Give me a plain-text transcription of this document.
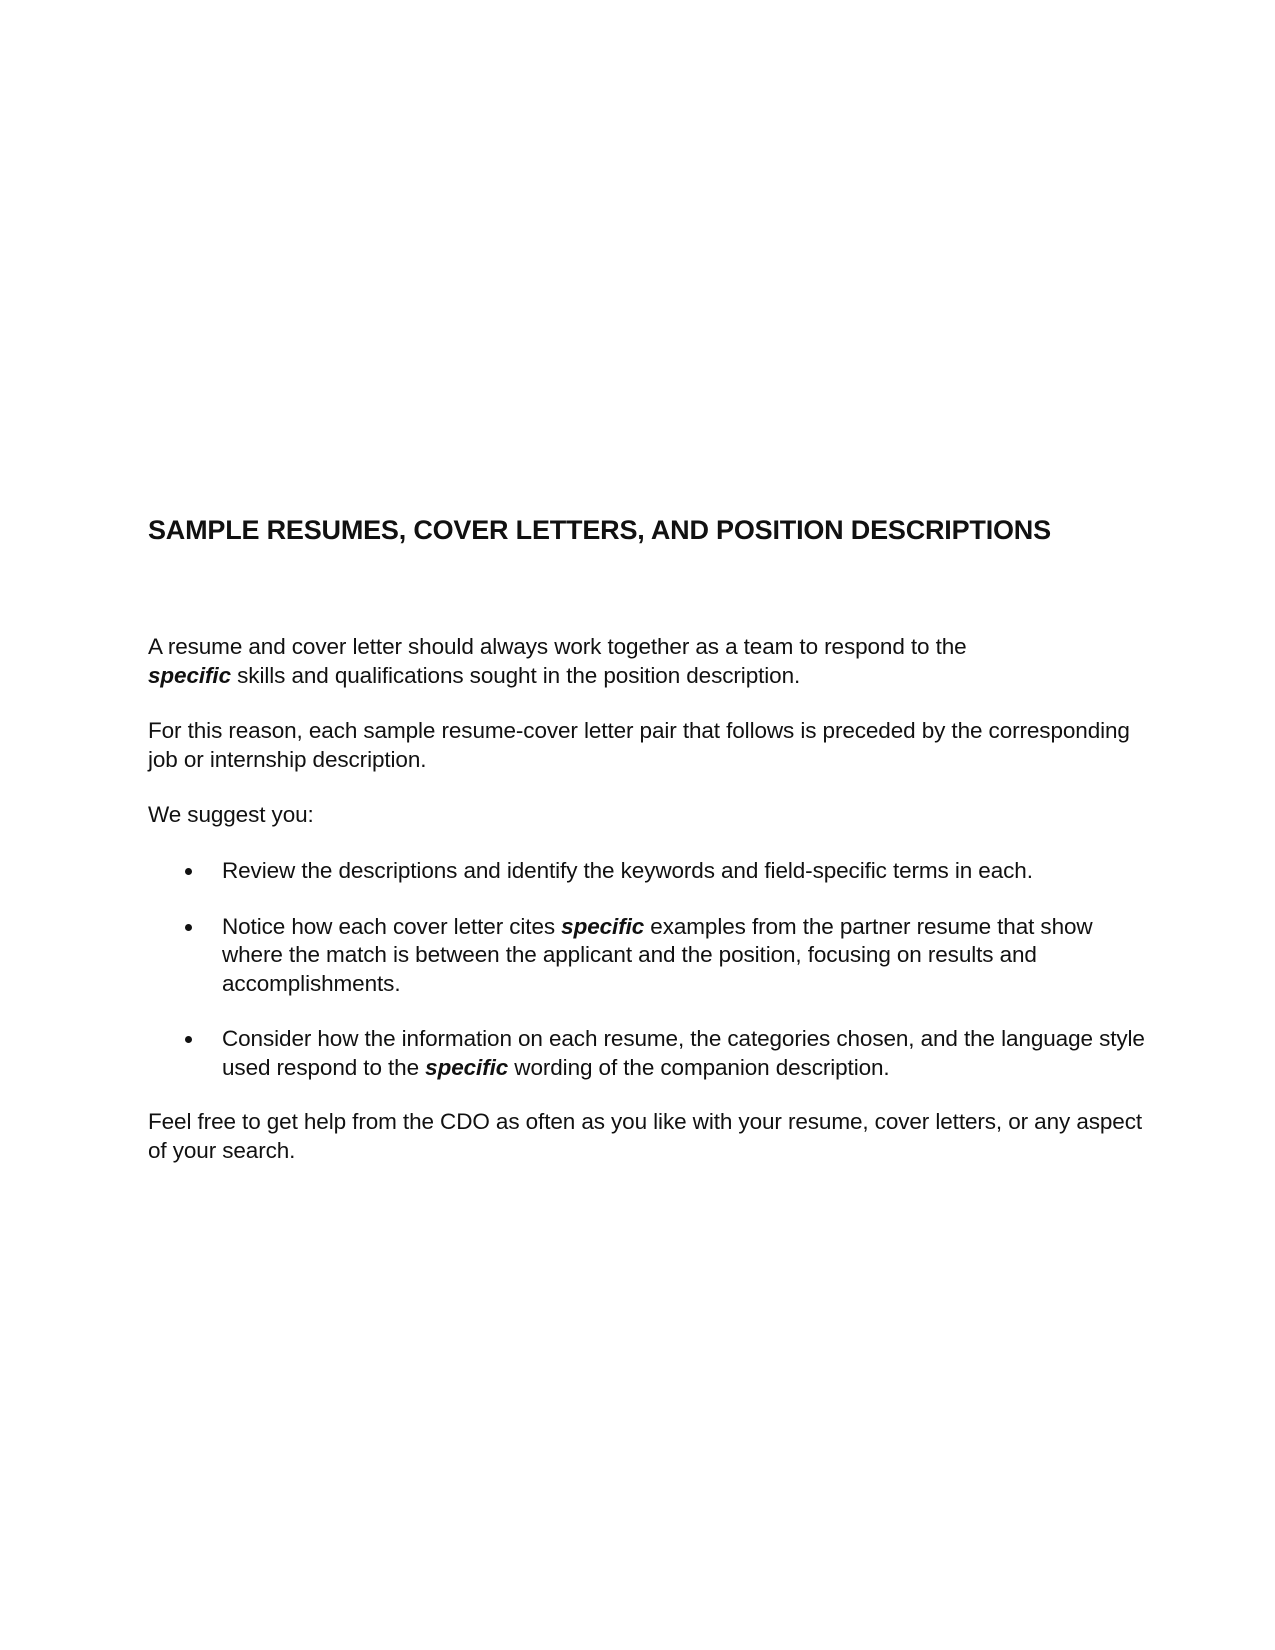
SAMPLE RESUMES, COVER LETTERS, AND POSITION DESCRIPTIONS

A resume and cover letter should always work together as a team to respond to the
specific skills and qualifications sought in the position description.

For this reason, each sample resume-cover letter pair that follows is preceded by the corresponding job or internship description.

We suggest you:

Review the descriptions and identify the keywords and field-specific terms in each.
Notice how each cover letter cites specific examples from the partner resume that show where the match is between the applicant and the position, focusing on results and accomplishments.
Consider how the information on each resume, the categories chosen, and the language style used respond to the specific wording of the companion description.

Feel free to get help from the CDO as often as you like with your resume, cover letters, or any aspect of your search.
